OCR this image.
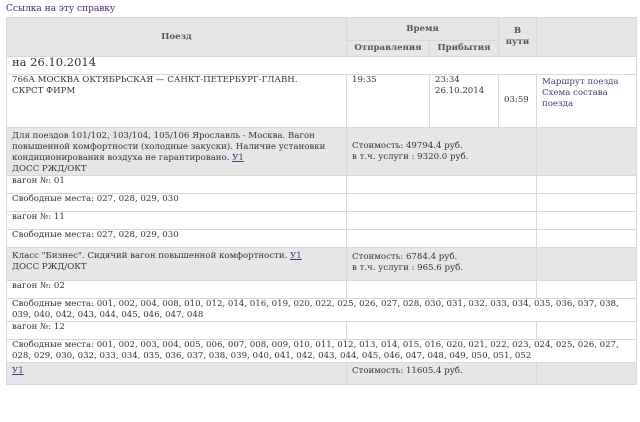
Ссылка на эту справку
Поезд	Время		В
пути	
	Отправления	Прибытия		
на 26.10.2014				
766А МОСКВА ОКТЯБРЬСКАЯ — САНКТ-ПЕТЕРБУРГ-ГЛАВН.
СКРСТ ФИРМ	19:35	23:34
26.10.2014	03:59	Маршрут поезда
Схема состава
поезда
Для поездов 101/102, 103/104, 105/106 Ярославль - Москва. Вагон
повышенной комфортности (холодные закуски). Наличие установки
кондиционирования воздуха не гарантировано. У1
ДОСС РЖД/ОКТ	Стоимость: 49794.4 руб.
в т.ч. услуги : 9320.0 руб.			
вагон №: 01				
Свободные места: 027, 028, 029, 030				
вагон №: 11				
Свободные места: 027, 028, 029, 030				
Класс "Бизнес". Сидячий вагон повышенной комфортности. У1
ДОСС РЖД/ОКТ	Стоимость: 6784.4 руб.
в т.ч. услуги : 965.6 руб.			
вагон №: 02				
Свободные места: 001, 002, 004, 008, 010, 012, 014, 016, 019, 020, 022, 025, 026, 027, 028, 030, 031, 032, 033, 034, 035, 036, 037, 038,
039, 040, 042, 043, 044, 045, 046, 047, 048				
вагон №: 12				
Свободные места: 001, 002, 003, 004, 005, 006, 007, 008, 009, 010, 011, 012, 013, 014, 015, 016, 020, 021, 022, 023, 024, 025, 026, 027,
028, 029, 030, 032, 033, 034, 035, 036, 037, 038, 039, 040, 041, 042, 043, 044, 045, 046, 047, 048, 049, 050, 051, 052				
У1	Стоимость: 11605.4 руб.			
